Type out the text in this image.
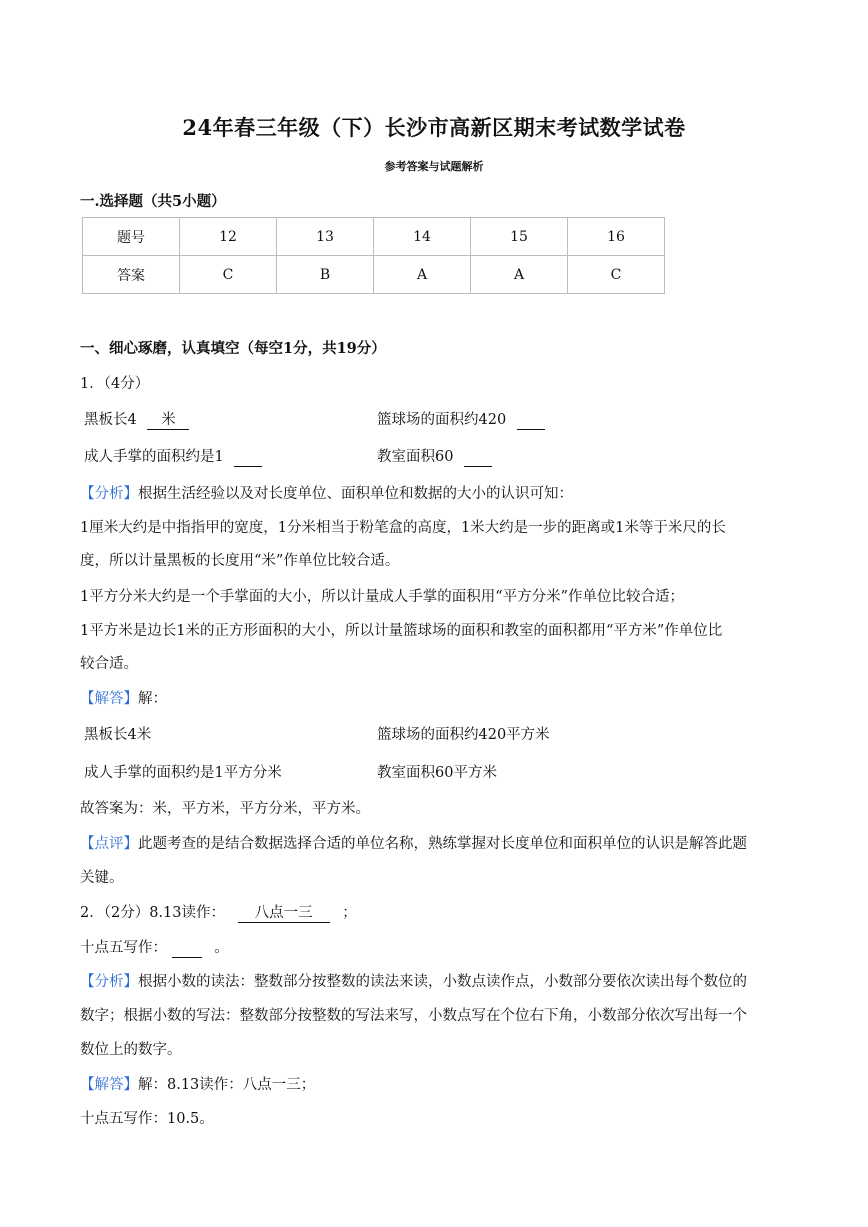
24年春三年级（下）长沙市高新区期末考试数学试卷
参考答案与试题解析
一.选择题（共5小题）
题号	12	13	14	15	16
答案	C	B	A	A	C
一、细心琢磨，认真填空（每空1分，共19分）
1．（4分）
黑板长4 米	篮球场的面积约420
成人手掌的面积约是1	教室面积60
【分析】根据生活经验以及对长度单位、面积单位和数据的大小的认识可知：
1厘米大约是中指指甲的宽度，1分米相当于粉笔盒的高度，1米大约是一步的距离或1米等于米尺的长
度，所以计量黑板的长度用“米”作单位比较合适。
1平方分米大约是一个手掌面的大小，所以计量成人手掌的面积用“平方分米”作单位比较合适；
1平方米是边长1米的正方形面积的大小，所以计量篮球场的面积和教室的面积都用“平方米”作单位比
较合适。
【解答】解：
黑板长4米	篮球场的面积约420平方米
成人手掌的面积约是1平方分米	教室面积60平方米
故答案为：米，平方米，平方分米，平方米。
【点评】此题考查的是结合数据选择合适的单位名称，熟练掌握对长度单位和面积单位的认识是解答此题
关键。
2．（2分）8.13读作： 八点一三 ；
十点五写作：	。
【分析】根据小数的读法：整数部分按整数的读法来读，小数点读作点，小数部分要依次读出每个数位的
数字；根据小数的写法：整数部分按整数的写法来写，小数点写在个位右下角，小数部分依次写出每一个
数位上的数字。
【解答】解：8.13读作：八点一三；
十点五写作：10.5。
